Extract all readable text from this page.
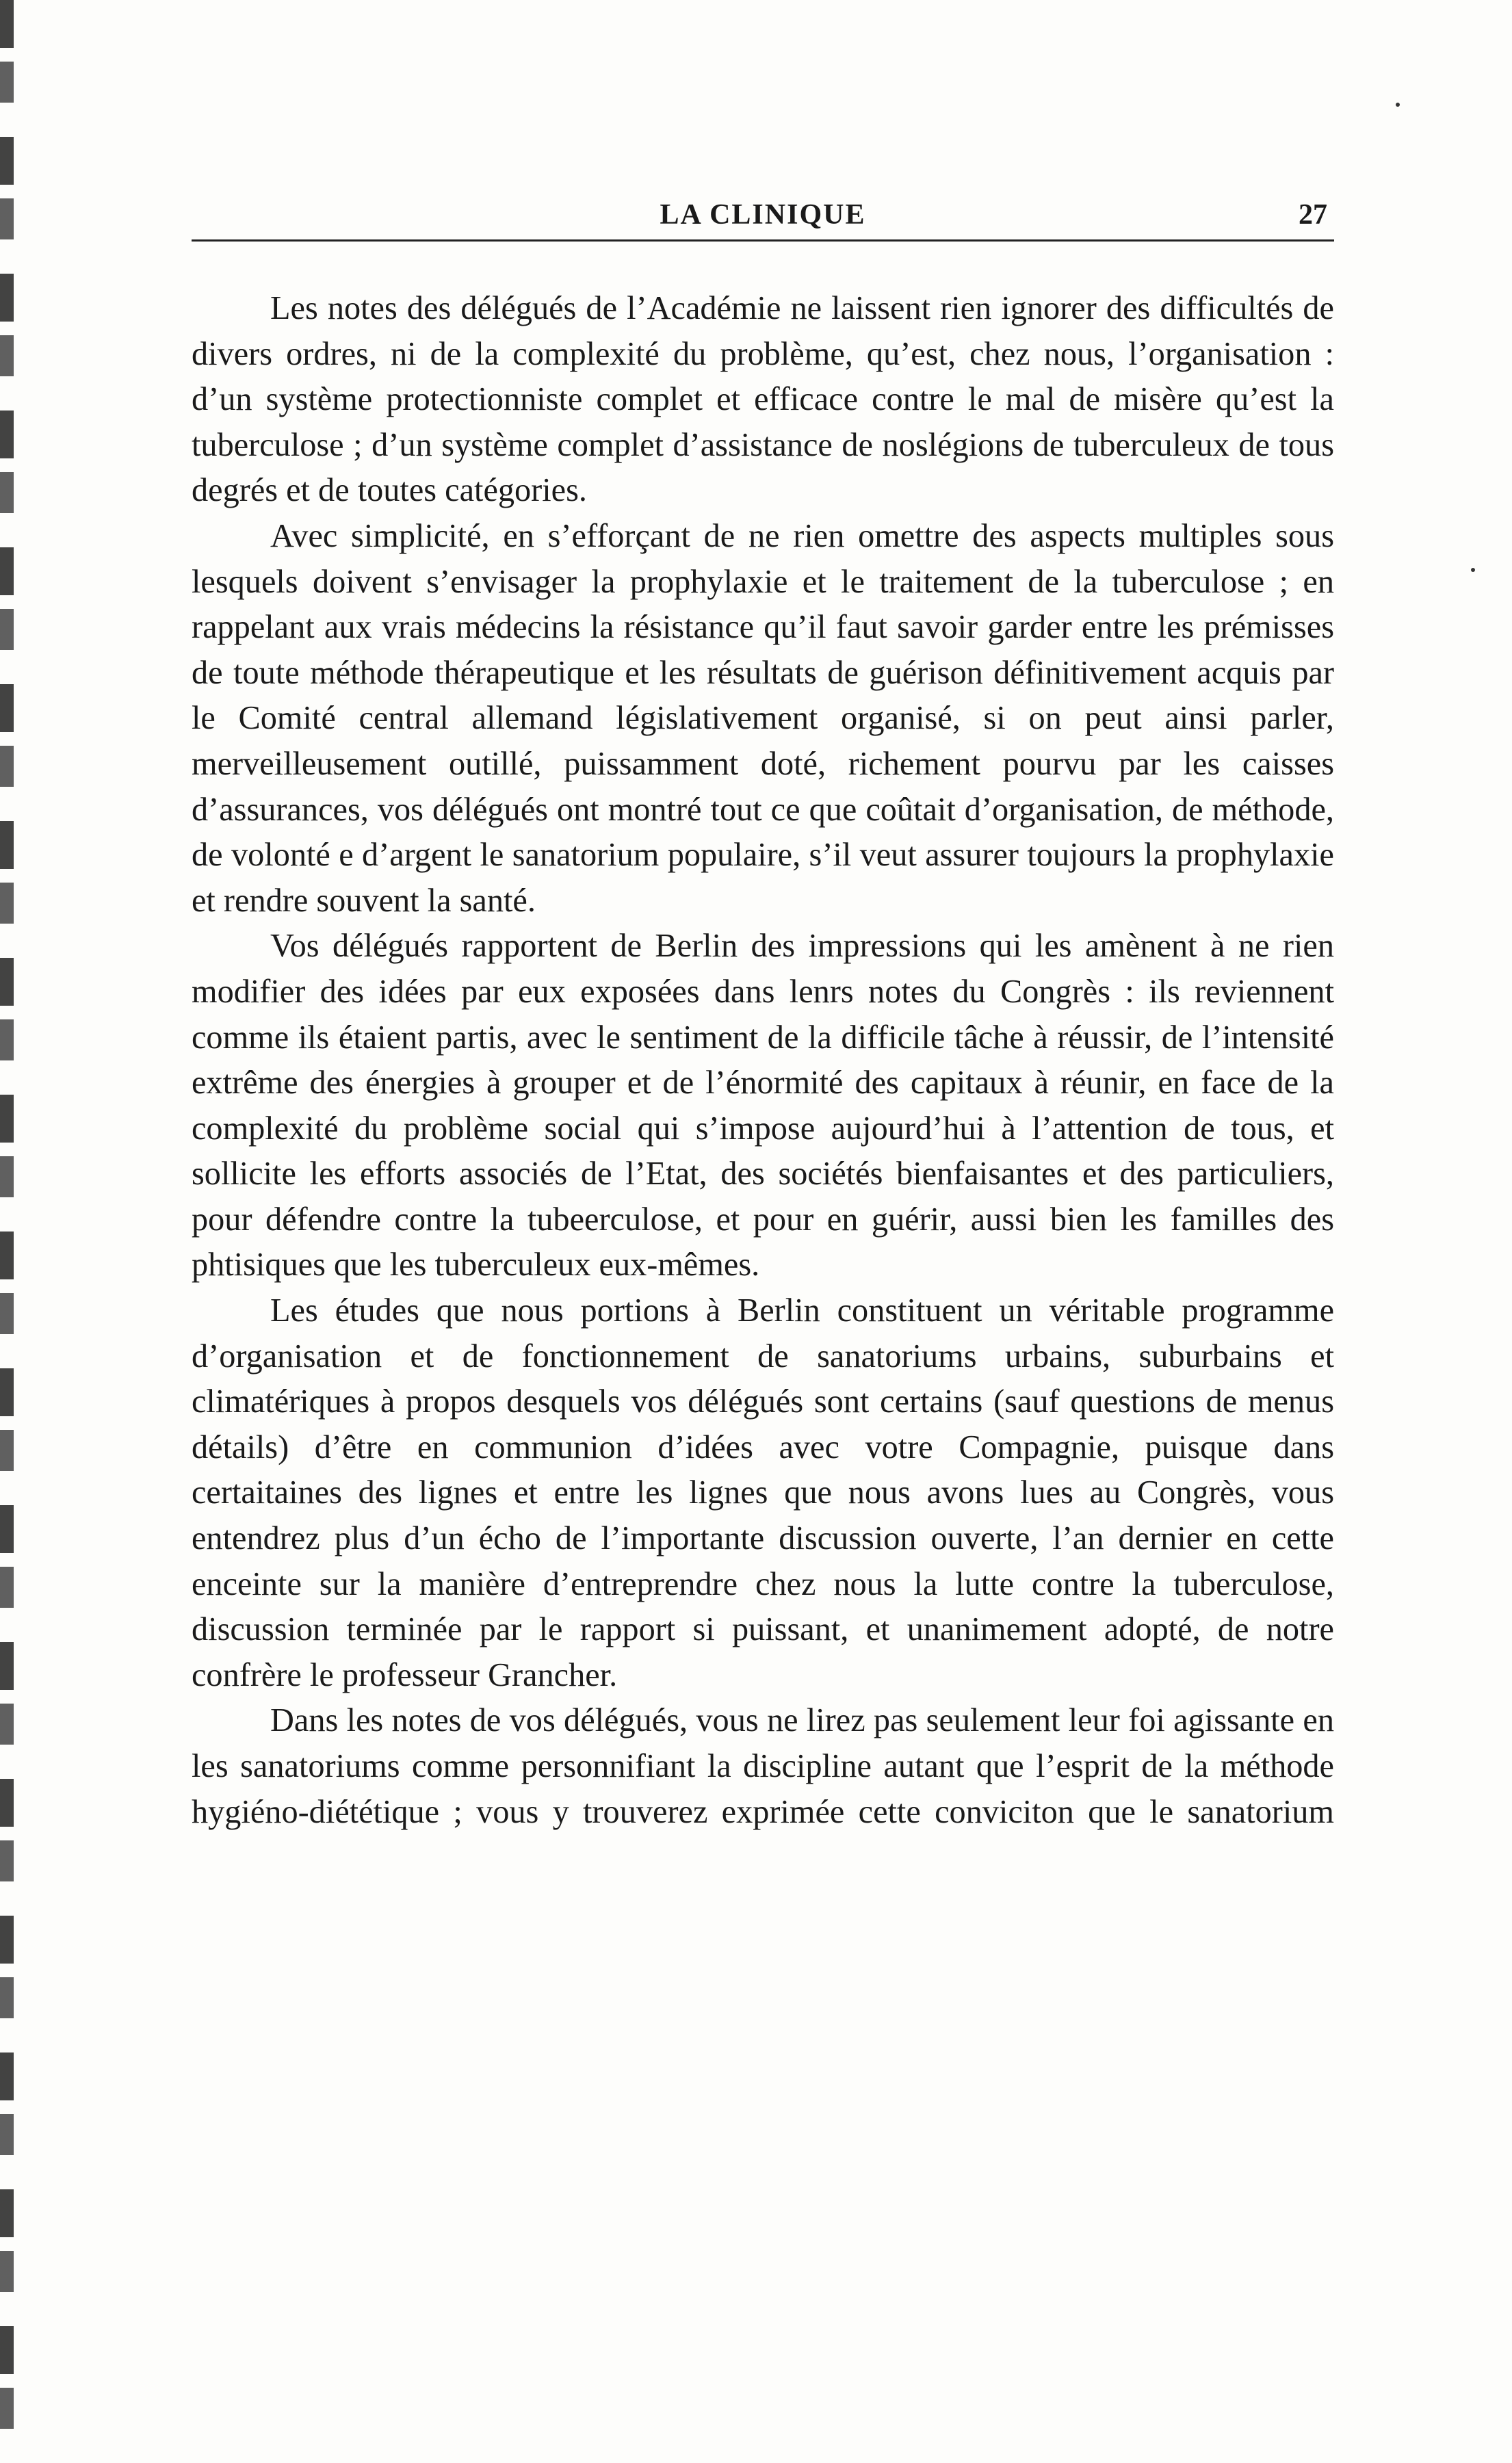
LA CLINIQUE	27

Les notes des délégués de l’Académie ne laissent rien ignorer des difficultés de divers ordres, ni de la complexité du problème, qu’est, chez nous, l’organisation : d’un système protectionniste complet et efficace contre le mal de misère qu’est la tuberculose ; d’un système complet d’assistance de noslégions de tuberculeux de tous degrés et de toutes catégories.

Avec simplicité, en s’efforçant de ne rien omettre des aspects multiples sous lesquels doivent s’envisager la prophylaxie et le traitement de la tuberculose ; en rappelant aux vrais médecins la résistance qu’il faut savoir garder entre les prémisses de toute méthode thérapeutique et les résultats de guérison définitivement acquis par le Comité central allemand législativement organisé, si on peut ainsi parler, merveilleusement outillé, puissamment doté, richement pourvu par les caisses d’assurances, vos délégués ont montré tout ce que coûtait d’organisation, de méthode, de volonté e d’argent le sanatorium populaire, s’il veut assurer toujours la prophylaxie et rendre souvent la santé.

Vos délégués rapportent de Berlin des impressions qui les amènent à ne rien modifier des idées par eux exposées dans lenrs notes du Congrès : ils reviennent comme ils étaient partis, avec le sentiment de la difficile tâche à réussir, de l’intensité extrême des énergies à grouper et de l’énormité des capitaux à réunir, en face de la complexité du problème social qui s’impose aujourd’hui à l’attention de tous, et sollicite les efforts associés de l’Etat, des sociétés bienfaisantes et des particuliers, pour défendre contre la tubeerculose, et pour en guérir, aussi bien les familles des phtisiques que les tuberculeux eux-mêmes.

Les études que nous portions à Berlin constituent un véritable programme d’organisation et de fonctionnement de sanatoriums urbains, suburbains et climatériques à propos desquels vos délégués sont certains (sauf questions de menus détails) d’être en communion d’idées avec votre Compagnie, puisque dans certaitaines des lignes et entre les lignes que nous avons lues au Congrès, vous entendrez plus d’un écho de l’importante discussion ouverte, l’an dernier en cette enceinte sur la manière d’entreprendre chez nous la lutte contre la tuberculose, discussion terminée par le rapport si puissant, et unanimement adopté, de notre confrère le professeur Grancher.

Dans les notes de vos délégués, vous ne lirez pas seulement leur foi agissante en les sanatoriums comme personnifiant la discipline autant que l’esprit de la méthode hygiéno-diététique ; vous y trouverez exprimée cette conviciton que le sanatorium
